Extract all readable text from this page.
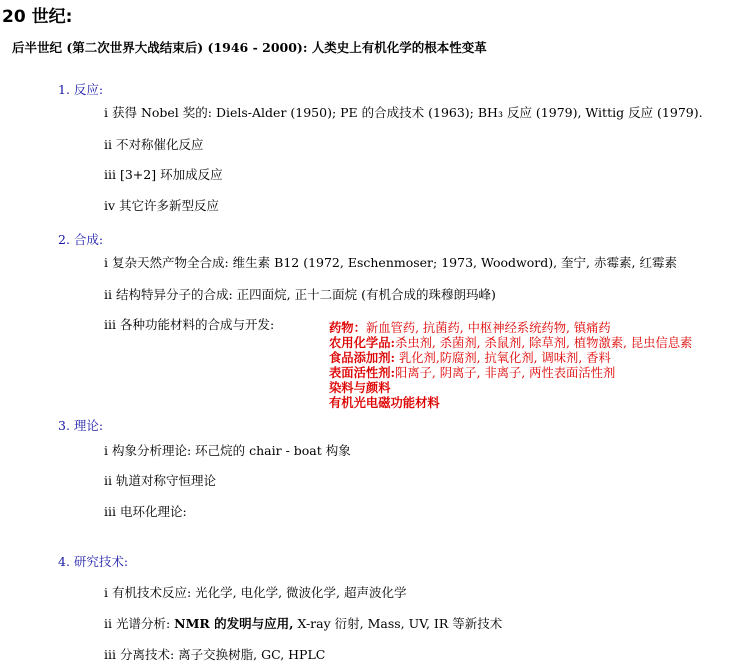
20 世纪:
后半世纪 (第二次世界大战结束后) (1946 - 2000): 人类史上有机化学的根本性变革
1. 反应:
i 获得 Nobel 奖的: Diels-Alder (1950); PE 的合成技术 (1963); BH₃ 反应 (1979), Wittig 反应 (1979).
ii 不对称催化反应
iii [3+2] 环加成反应
iv 其它许多新型反应
2. 合成:
i 复杂天然产物全合成: 维生素 B12 (1972, Eschenmoser; 1973, Woodword), 奎宁, 赤霉素, 红霉素
ii 结构特异分子的合成: 正四面烷, 正十二面烷 (有机合成的珠穆朗玛峰)
iii 各种功能材料的合成与开发:	药物：新血管药, 抗菌药, 中枢神经系统药物, 镇痛药
农用化学品:杀虫剂, 杀菌剂, 杀鼠剂, 除草剂, 植物激素, 昆虫信息素
食品添加剂: 乳化剂,防腐剂, 抗氧化剂, 调味剂, 香料
表面活性剂:阳离子, 阴离子, 非离子, 两性表面活性剂
染料与颜料
有机光电磁功能材料
3. 理论:
i 构象分析理论: 环己烷的 chair - boat 构象
ii 轨道对称守恒理论
iii 电环化理论:
4. 研究技术:
i 有机技术反应: 光化学, 电化学, 微波化学, 超声波化学
ii 光谱分析: NMR 的发明与应用, X-ray 衍射, Mass, UV, IR 等新技术
iii 分离技术: 离子交换树脂, GC, HPLC
